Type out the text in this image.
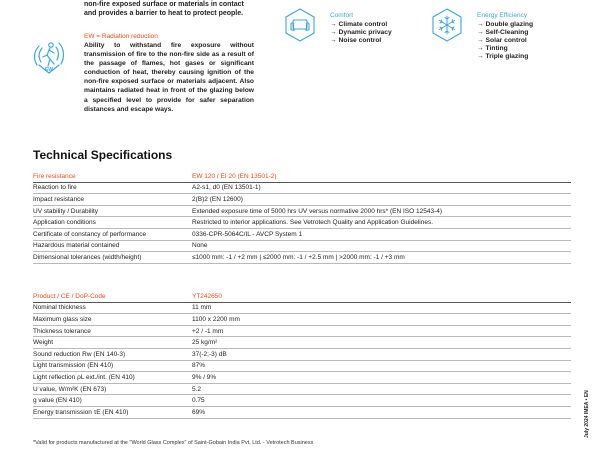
non-fire exposed surface or materials in contact
and provides a barrier to heat to protect people.
EW
EW = Radiation reduction
Ability to withstand fire exposure without transmission of fire to the non-fire side as a result of the passage of flames, hot gases or significant conduction of heat, thereby causing ignition of the non-fire exposed surface or materials adjacent. Also maintains radiated heat in front of the glazing below a specified level to provide for safer separation distances and escape ways.
Comfort
→ Climate control
→ Dynamic privacy
→ Noise control
Energy Efficiency
→ Double glazing
→ Self-Cleaning
→ Solar control
→ Tinting
→ Triple glazing
Technical Specifications
Fire resistance	EW 120 / EI 20 (EN 13501-2)
Reaction to fire	A2-s1, d0 (EN 13501-1)
Impact resistance	2(B)2 (EN 12600)
UV stability / Durability	Extended exposure time of 5000 hrs UV versus normative 2000 hrs* (EN ISO 12543-4)
Application conditions	Restricted to interior applications. See Vetrotech Quality and Application Guidelines.
Certificate of constancy of performance	0336-CPR-5064C/IL - AVCP System 1
Hazardous material contained	None
Dimensional tolerances (width/height)	≤1000 mm: -1 / +2 mm | ≤2000 mm: -1 / +2.5 mm | >2000 mm: -1 / +3 mm
Product / CE / DoP-Code	YT242650
Nominal thickness	11 mm
Maximum glass size	1100 x 2200 mm
Thickness tolerance	+2 / -1 mm
Weight	25 kg/m²
Sound reduction Rw (EN 140-3)	37(-2;-3) dB
Light transmission (EN 410)	87%
Light reflection ρL ext./int. (EN 410)	9% / 9%
U value, W/m²K (EN 673)	5.2
g value (EN 410)	0.75
Energy transmission τE (EN 410)	69%
*Valid for products manufactured at the "World Glass Complex" of Saint-Gobain India Pvt. Ltd. - Vetrotech Business
July 2024 IMEA • EN
